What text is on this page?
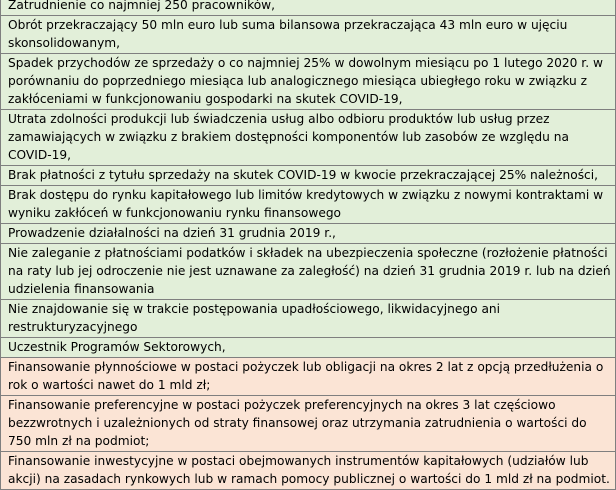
Zatrudnienie co najmniej 250 pracowników,
Obrót przekraczający 50 mln euro lub suma bilansowa przekraczająca 43 mln euro w ujęciu skonsolidowanym,
Spadek przychodów ze sprzedaży o co najmniej 25% w dowolnym miesiącu po 1 lutego 2020 r. w porównaniu do poprzedniego miesiąca lub analogicznego miesiąca ubiegłego roku w związku z zakłóceniami w funkcjonowaniu gospodarki na skutek COVID-19,
Utrata zdolności produkcji lub świadczenia usług albo odbioru produktów lub usług przez zamawiających w związku z brakiem dostępności komponentów lub zasobów ze względu na COVID-19,
Brak płatności z tytułu sprzedaży na skutek COVID-19 w kwocie przekraczającej 25% należności,
Brak dostępu do rynku kapitałowego lub limitów kredytowych w związku z nowymi kontraktami w wyniku zakłóceń w funkcjonowaniu rynku finansowego
Prowadzenie działalności na dzień 31 grudnia 2019 r.,
Nie zaleganie z płatnościami podatków i składek na ubezpieczenia społeczne (rozłożenie płatności na raty lub jej odroczenie nie jest uznawane za zaległość) na dzień 31 grudnia 2019 r. lub na dzień udzielenia finansowania
Nie znajdowanie się w trakcie postępowania upadłościowego, likwidacyjnego ani restrukturyzacyjnego
Uczestnik Programów Sektorowych,
Finansowanie płynnościowe w postaci pożyczek lub obligacji na okres 2 lat z opcją przedłużenia o rok o wartości nawet do 1 mld zł;
Finansowanie preferencyjne w postaci pożyczek preferencyjnych na okres 3 lat częściowo bezzwrotnych i uzależnionych od straty finansowej oraz utrzymania zatrudnienia o wartości do 750 mln zł na podmiot;
Finansowanie inwestycyjne w postaci obejmowanych instrumentów kapitałowych (udziałów lub akcji) na zasadach rynkowych lub w ramach pomocy publicznej o wartości do 1 mld zł na podmiot.
